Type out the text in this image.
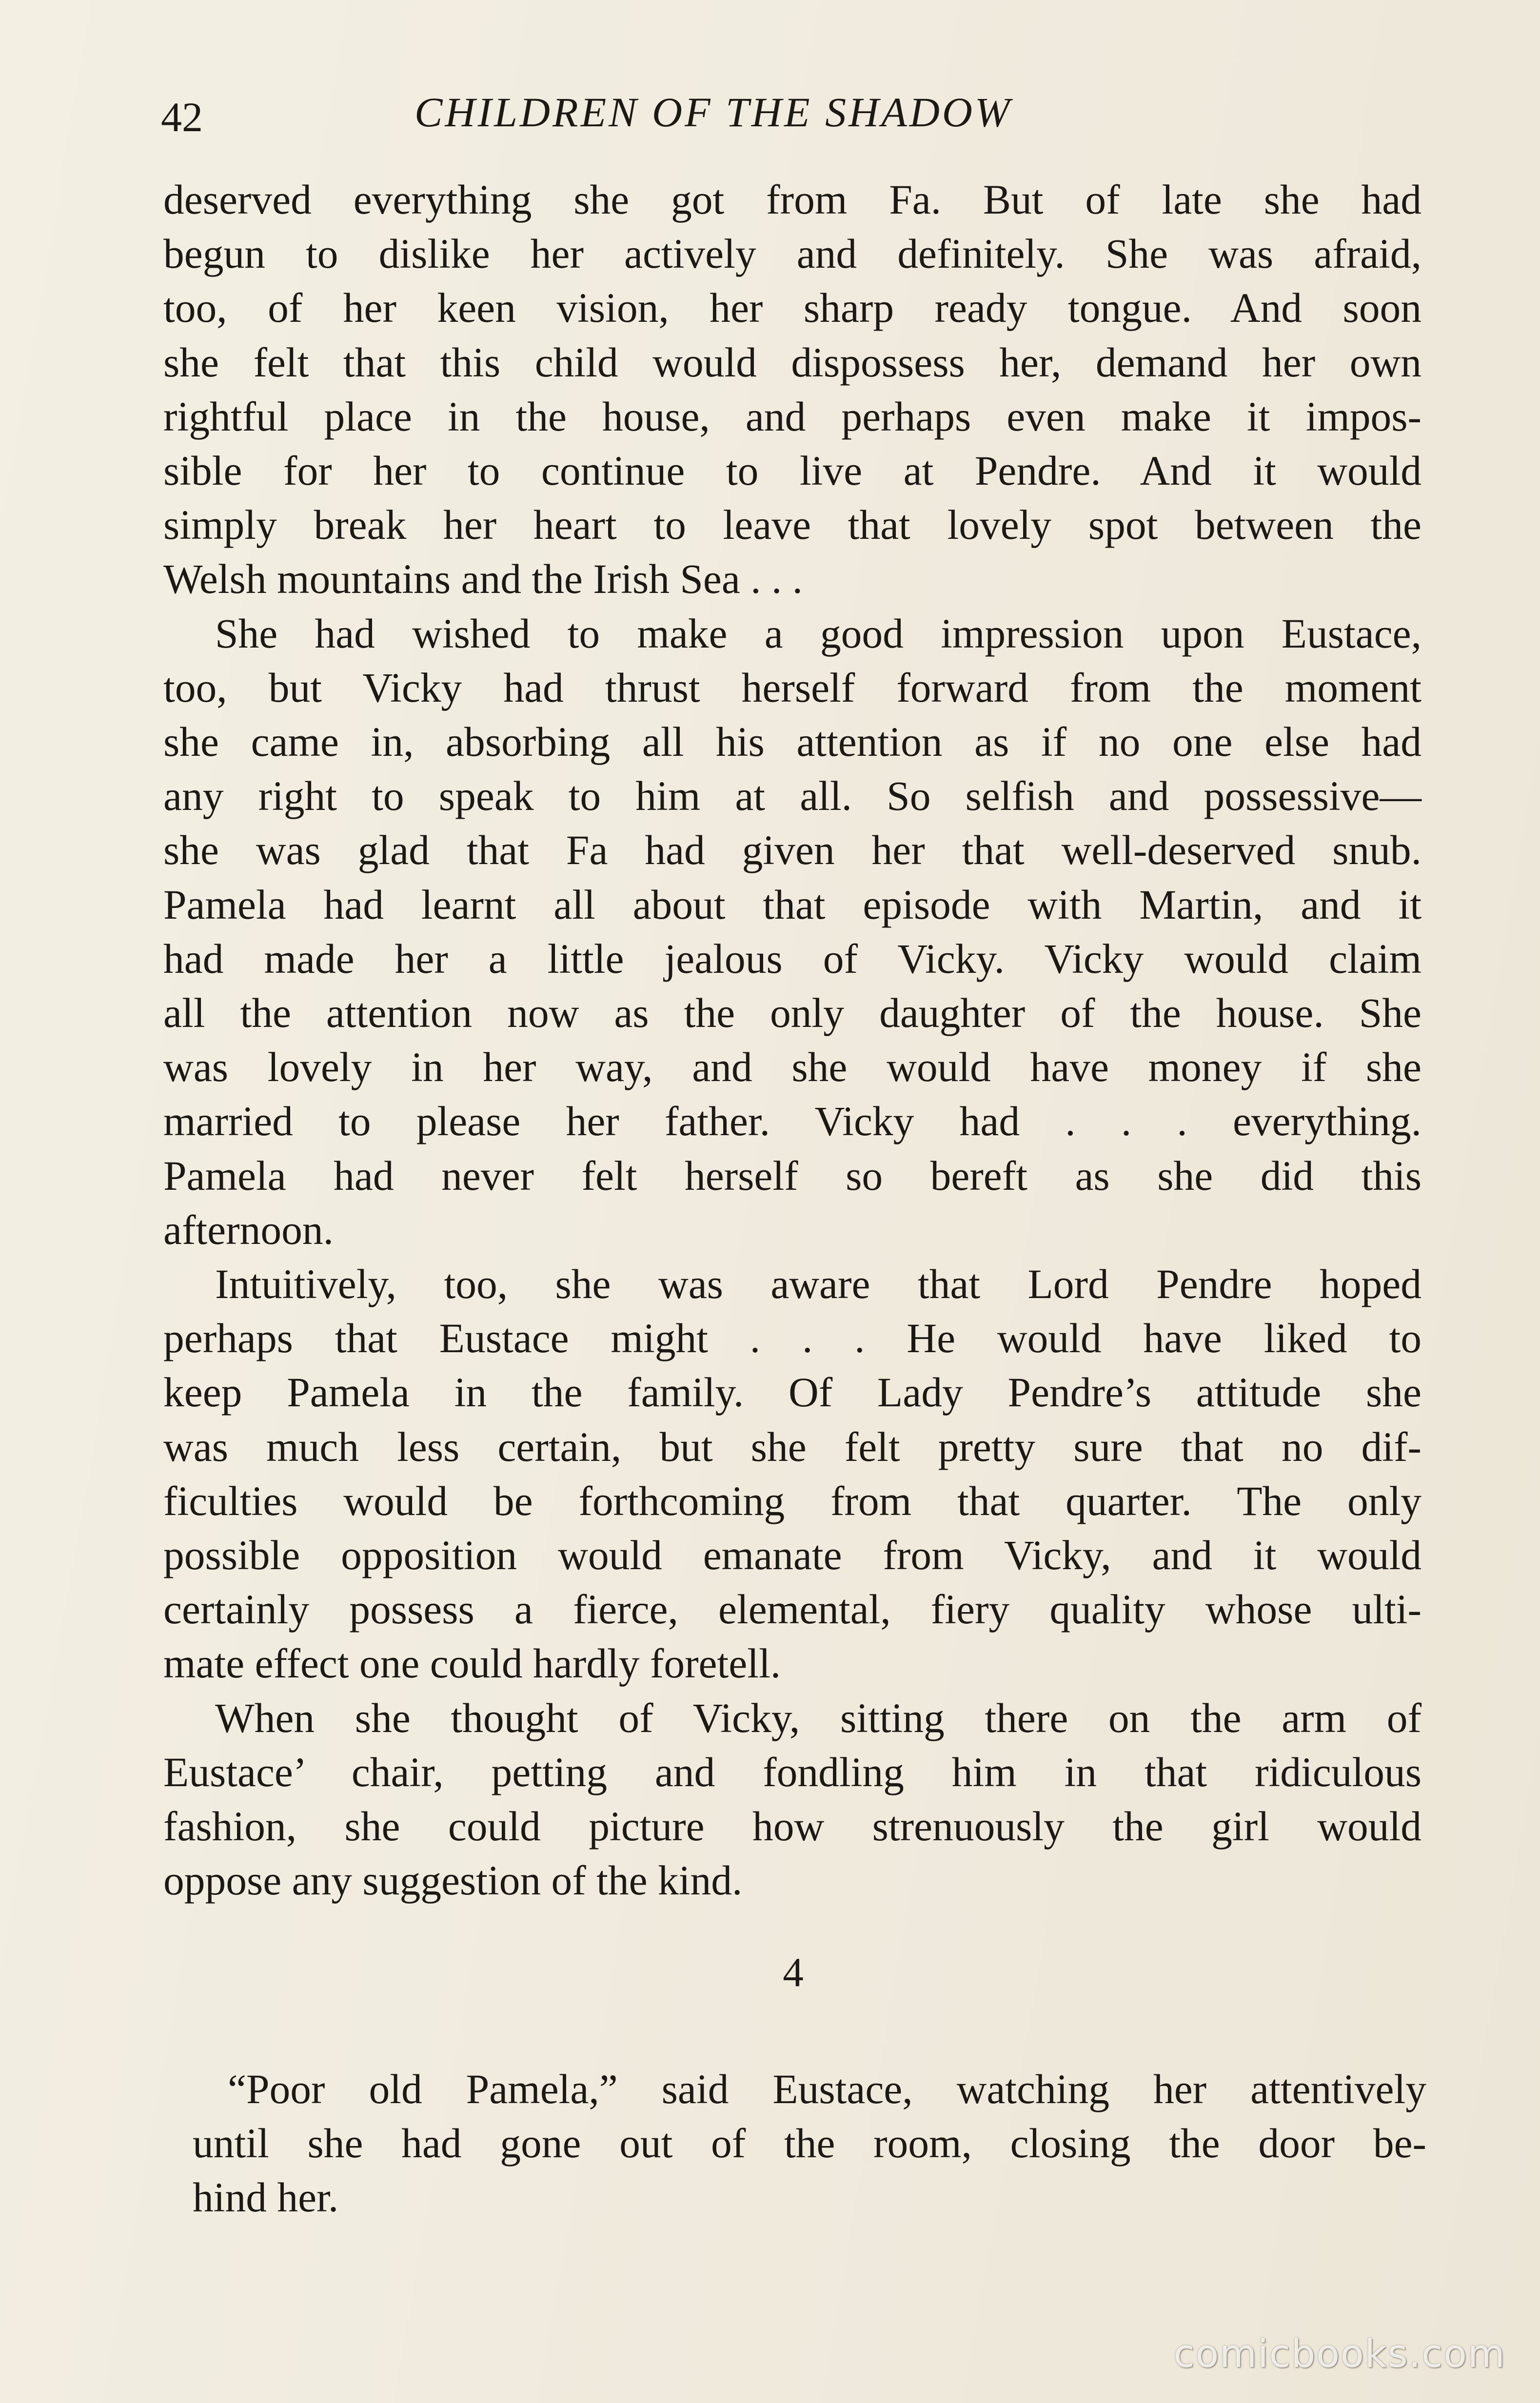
42	CHILDREN OF THE SHADOW

deserved everything she got from Fa. But of late she had
begun to dislike her actively and definitely. She was afraid,
too, of her keen vision, her sharp ready tongue. And soon
she felt that this child would dispossess her, demand her own
rightful place in the house, and perhaps even make it impos-
sible for her to continue to live at Pendre. And it would
simply break her heart to leave that lovely spot between the
Welsh mountains and the Irish Sea . . .

She had wished to make a good impression upon Eustace,
too, but Vicky had thrust herself forward from the moment
she came in, absorbing all his attention as if no one else had
any right to speak to him at all. So selfish and possessive—
she was glad that Fa had given her that well-deserved snub.
Pamela had learnt all about that episode with Martin, and it
had made her a little jealous of Vicky. Vicky would claim
all the attention now as the only daughter of the house. She
was lovely in her way, and she would have money if she
married to please her father. Vicky had . . . everything.
Pamela had never felt herself so bereft as she did this
afternoon.

Intuitively, too, she was aware that Lord Pendre hoped
perhaps that Eustace might . . . He would have liked to
keep Pamela in the family. Of Lady Pendre’s attitude she
was much less certain, but she felt pretty sure that no dif-
ficulties would be forthcoming from that quarter. The only
possible opposition would emanate from Vicky, and it would
certainly possess a fierce, elemental, fiery quality whose ulti-
mate effect one could hardly foretell.

When she thought of Vicky, sitting there on the arm of
Eustace’ chair, petting and fondling him in that ridiculous
fashion, she could picture how strenuously the girl would
oppose any suggestion of the kind.

4

“Poor old Pamela,” said Eustace, watching her attentively
until she had gone out of the room, closing the door be-
hind her.

comicbooks.com
